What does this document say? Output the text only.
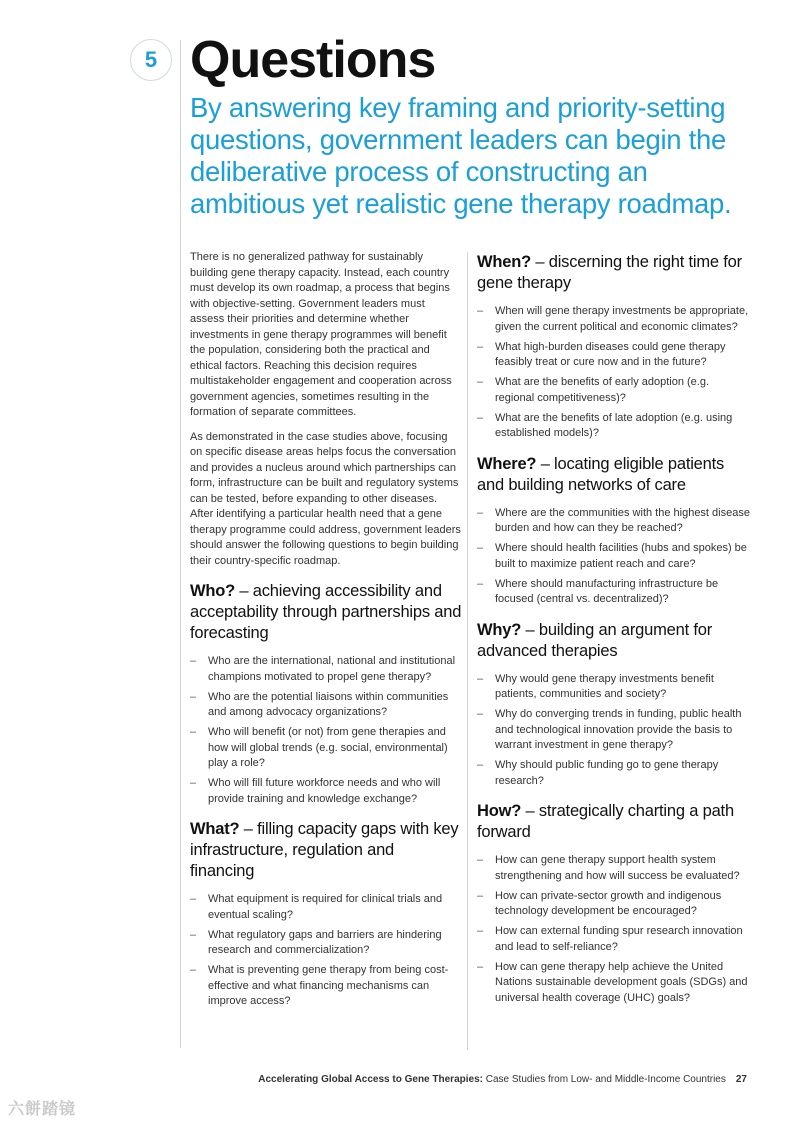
5 Questions
By answering key framing and priority-setting questions, government leaders can begin the deliberative process of constructing an ambitious yet realistic gene therapy roadmap.

There is no generalized pathway for sustainably building gene therapy capacity. Instead, each country must develop its own roadmap, a process that begins with objective-setting. Government leaders must assess their priorities and determine whether investments in gene therapy programmes will benefit the population, considering both the practical and ethical factors. Reaching this decision requires multistakeholder engagement and cooperation across government agencies, sometimes resulting in the formation of separate committees.

As demonstrated in the case studies above, focusing on specific disease areas helps focus the conversation and provides a nucleus around which partnerships can form, infrastructure can be built and regulatory systems can be tested, before expanding to other diseases. After identifying a particular health need that a gene therapy programme could address, government leaders should answer the following questions to begin building their country-specific roadmap.

Who? – achieving accessibility and acceptability through partnerships and forecasting
– Who are the international, national and institutional champions motivated to propel gene therapy?
– Who are the potential liaisons within communities and among advocacy organizations?
– Who will benefit (or not) from gene therapies and how will global trends (e.g. social, environmental) play a role?
– Who will fill future workforce needs and who will provide training and knowledge exchange?
What? – filling capacity gaps with key infrastructure, regulation and financing
– What equipment is required for clinical trials and eventual scaling?
– What regulatory gaps and barriers are hindering research and commercialization?
– What is preventing gene therapy from being cost-effective and what financing mechanisms can improve access?
When? – discerning the right time for gene therapy
– When will gene therapy investments be appropriate, given the current political and economic climates?
– What high-burden diseases could gene therapy feasibly treat or cure now and in the future?
– What are the benefits of early adoption (e.g. regional competitiveness)?
– What are the benefits of late adoption (e.g. using established models)?
Where? – locating eligible patients and building networks of care
– Where are the communities with the highest disease burden and how can they be reached?
– Where should health facilities (hubs and spokes) be built to maximize patient reach and care?
– Where should manufacturing infrastructure be focused (central vs. decentralized)?
Why? – building an argument for advanced therapies
– Why would gene therapy investments benefit patients, communities and society?
– Why do converging trends in funding, public health and technological innovation provide the basis to warrant investment in gene therapy?
– Why should public funding go to gene therapy research?
How? – strategically charting a path forward
– How can gene therapy support health system strengthening and how will success be evaluated?
– How can private-sector growth and indigenous technology development be encouraged?
– How can external funding spur research innovation and lead to self-reliance?
– How can gene therapy help achieve the United Nations sustainable development goals (SDGs) and universal health coverage (UHC) goals?
Accelerating Global Access to Gene Therapies: Case Studies from Low- and Middle-Income Countries 27
六餅踏镜
